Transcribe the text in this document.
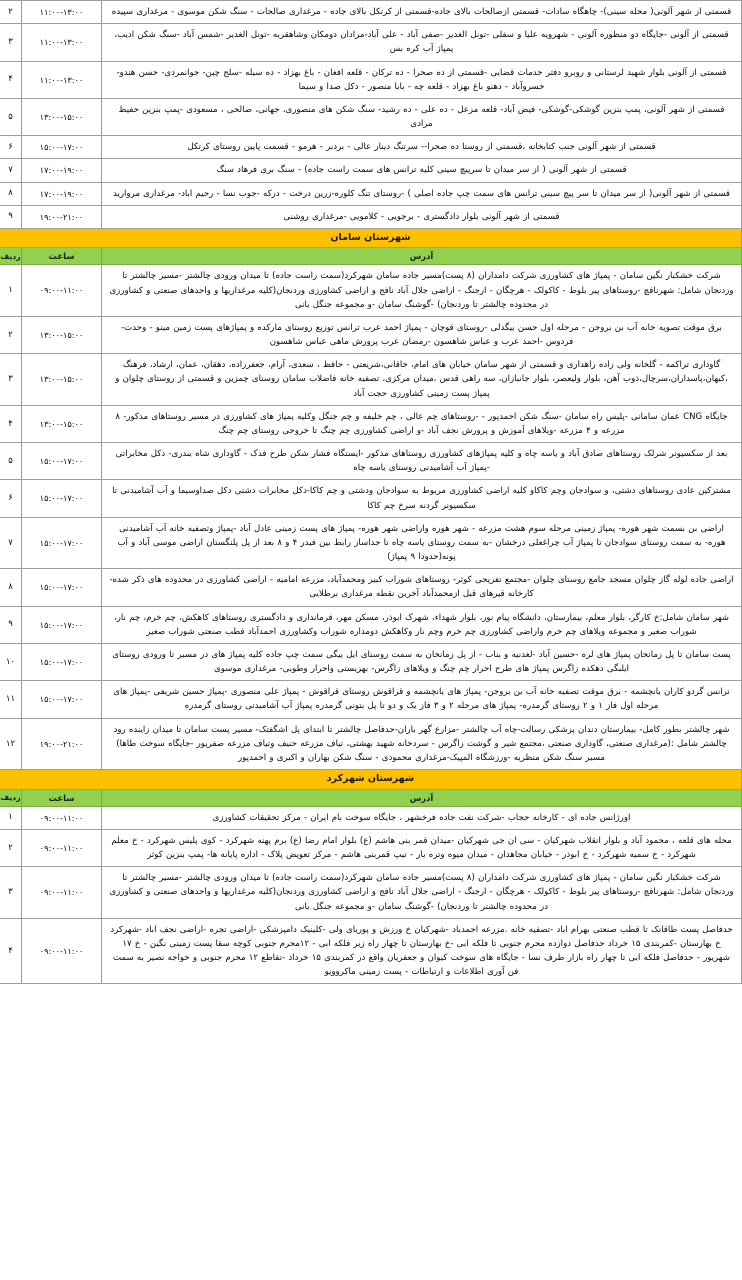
قسمتی از شهر آلونی( محله سینی)- چاهگاه سادات- قسمتی ازصالحات بالای جاده-قسمتی از کرتکل بالای جاده - مرغداری صالحات - سنگ شکن موسوی - مرغداری سپیده	۱۱:۰۰-۱۳:۰۰	۲
قسمتی از آلونی -جایگاه دو منظوره آلونی - شهرویه علیا و سفلی -تونل الغدیر -صفی آباد - علی آباد-مرادان دومکان وشاهقربه -تونل الغدیر -شمس آباد -سنگ شکن ادیب، پمپاژ آب کره بس	۱۱:۰۰-۱۳:۰۰	۳
قسمتی از آلونی بلوار شهید لرستانی و روبرو دفتر خدمات قضایی -قسمتی از ده صحرا - ده ترکان - قلعه افغان - باغ بهزاد - ده سیله -سلج چین- جوانمردی- حسن هندو- خسروآباد - دهنو باغ بهزاد - قلعه چه - بابا منصور - دکل صدا و سیما	۱۱:۰۰-۱۳:۰۰	۴
قسمتی از شهر آلونی، پمپ بنزین گوشکی-گوشکی- فیض آباد- قلعه مزعل - ده علی - ده رشید- سنگ شکن های منصوری، جهانی، صالحی ، مسعودی -پمپ بنزین حفیظ مرادی	۱۳:۰۰-۱۵:۰۰	۵
قسمتی از شهر آلونی جنب کتابخانه ،قسمتی از روستا ده صحرا-- سرتنگ دینار عالی - بردبر - هرمو - قسمت پایین روستای کرتکل	۱۵:۰۰-۱۷:۰۰	۶
قسمتی از شهر آلونی ( از سر میدان تا سرپیچ سینی کلیه ترانس های سمت راست جاده) - سنگ بری فرهاد سنگ	۱۷:۰۰-۱۹:۰۰	۷
قسمتی از شهر آلونی( از سر میدان تا سر پیچ سینی ترانس های سمت چپ جاده اصلی ) -روستای تنگ کلوره-زرین درخت - درکه -جوب نسا - رحیم اباد- مرغداری مروارید	۱۷:۰۰-۱۹:۰۰	۸
قسمتی از شهر آلونی بلوار دادگستری - برجویی - کلامویی -مرغداری روشنی	۱۹:۰۰-۲۱:۰۰	۹
شهرستان سامان		
آدرس	ساعت	ردیف
شرکت خشکبار نگین سامان - پمپاژ های کشاورزی شرکت دامداران (۸ پست)مسیر جاده سامان شهرکرد(سمت راست جاده) تا میدان ورودی چالشتر -مسیر چالشتر تا وردنجان شامل: شهرنافچ -روستاهای پیر بلوط - کاکولک - هرچگان - ارجنگ - اراضی جلال آباد نافج و اراضی کشاورزی وردنجان(کلیه مرغداریها و واحدهای صنعتی و کشاورزی در محدوده چالشتر تا وردنجان) -گوشنگ سامان -و مجموعه جنگل بانی	۰۹:۰۰-۱۱:۰۰	۱
برق موقت تصویه خانه آب بن بروجن - مرحله اول حسن بیگدلی -روستای قوچان - پمپاژ احمد عرب ترانس توزیع روستای مارکده و پمپاژهای پست زمین مینو - وحدت- فردوس -احمد عرب و عباس شاهسون -رمضان عرب پرورش ماهی عباس شاهسون	۱۳:۰۰-۱۵:۰۰	۲
گاوداری تراکمه - گلخانه ولی زاده راهداری و قسمتی از شهر سامان خیابان های امام، خاقانی،شریعتی - حافظ ، سعدی، آرام، جعفرزاده، دهقان، عمان، ارشاد، فرهنگ ،کیهان،پاسداران،سرچال،ذوب آهن، بلوار ولیعصر، بلوار جانبازان، سه راهی قدس ،میدان مرکزی، تصفیه خانه فاضلاب سامان روستای چمزین و قسمتی از روستای چلوان و پمپاژ پست زمینی کشاورزی حجت آباد	۱۳:۰۰-۱۵:۰۰	۳
جایگاه CNG عمان سامانی -پلیس راه سامان -سنگ شکن احمدپور - -روستاهای چم عالی ، چم خلیفه و چم جنگل وکلیه پمپاژ های کشاورزی در مسیر روستاهای مذکور- ۸ مزرعه و ۴ مزرعه -ویلاهای آموزش و پرورش نجف آباد -و اراضی کشاورزی چم چنگ تا خروجی روستای چم چنگ	۱۳:۰۰-۱۵:۰۰	۴
بعد از سکسیونر شرلک روستاهای صادق آباد و یاسه چاه و کلیه پمپاژهای کشاورزی روستاهای مذکور -ایستگاه فشار شکن طرح فدک - گاوداری شاه بندری- دکل مخابراتی -پمپاژ آب آشامیدنی روستای یاسه چاه	۱۵:۰۰-۱۷:۰۰	۵
مشترکین عادی روستاهای دشتی، و سوادجان وچم کاکاو کلیه اراضی کشاورزی مربوط به سوادجان ودشتی و چم کاکا-دکل مخابرات دشتی دکل صداوسیما و آب آشامیدنی تا سکسیونر گردنه سرخ چم کاکا	۱۵:۰۰-۱۷:۰۰	۶
اراضی بن بسمت شهر هوره- پمپاژ زمینی مرحله سوم هشت مزرعه - شهر هوره واراضی شهر هوره- پمپاژ های پست زمینی عادل آباد -پمپاژ وتصفیه خانه آب آشامیدنی هوره- به سمت روستای سوادجان تا پمپاژ آب چراغعلی درخشان -به سمت روستای یاسه چاه تا جداساز رابط بین فیدر ۴ و ۸ بعد از پل پلنگستان اراضی موسی آباد و آب پونه(حدودا ۹ پمپاژ)	۱۵:۰۰-۱۷:۰۰	۷
اراضی جاده لوله گاز چلوان مسجد جامع روستای چلوان -مجتمع تفریحی کوثر- روستاهای شوراب کبیر ومحمدآباد، مزرعه امامیه - اراضی کشاورزی در محدوده های ذکر شده-کارخانه قیرهای قبل ازمحمدآباد آخرین نقطه مرغداری برطلایی	۱۵:۰۰-۱۷:۰۰	۸
شهر سامان شامل:خ کارگر، بلوار معلم، بیمارستان، دانشگاه پیام نور، بلوار شهداء، شهرک ابوذر، مسکن مهر، فرمانداری و دادگستری روستاهای کاهکش، چم خرم، چم نار، شوراب صغیر و مجموعه ویلاهای چم خرم واراضی کشاورزی چم خرم وچم نار وکاهکش دومداره شوراب وکشاورزی احمدآباد قطب صنعتی شوراب صغیر	۱۵:۰۰-۱۷:۰۰	۹
پست سامان تا پل زمانخان پمپاژ های لره -حسین آباد -لغدنیه و بناب - از پل زمانخان به سمت روستای ایل بیگی سمت چپ جاده کلیه پمپاژ های در مسیر تا ورودی روستای ایلبگی دهکده زاگرس پمپاژ های طرح احرار چم چنگ و ویلاهای زاگرس- بهزیستی واحرار وطوبی- مرغداری موسوی	۱۵:۰۰-۱۷:۰۰	۱۰
ترانس گردو کاران یانچشمه - برق موقت تصفیه خانه آب بن بروجن- پمپاژ های یانچشمه و قراقوش روستای قراقوش - پمپاژ علی منصوری -پمپاژ حسین شریفی -پمپاژ های مرحله اول فاز ۱ و ۲ روستای گرمدره- پمپاژ های مرحله ۲ و ۳ فاز یک و دو تا پل بتونی گرمدره پمپاژ آب آشامیدنی روستای گرمدره	۱۵:۰۰-۱۷:۰۰	۱۱
شهر چالشتر بطور کامل- بیمارستان دندان پزشکی رسالت-چاه آب چالشتر -مزارع گهر باران-حدفاصل چالشتر تا ابتدای پل اشگفتک- مسیر پست سامان تا میدان زاینده رود چالشتر شامل :(مرغداری صنعتی، گاوداری صنعتی ،مجتمع شیر و گوشت زاگرس - سردخانه شهید بهشتی، تیاف مزرعه حنیف وتیاف مزرعه صفرپور -جایگاه سوخت طاها) مسیر سنگ شکن منظریه -ورزشگاه المپیک-مرغداری محمودی - سنگ شکن بهاران و اکبری و احمدپور	۱۹:۰۰-۲۱:۰۰	۱۲
شهرستان شهرکرد		
آدرس	ساعت	ردیف
اورژانس جاده ای - کارخانه حجاب -شرکت نفت جاده فرخشهر ، جایگاه سوخت بام ایران - مرکز تحقیقات کشاورزی	۰۹:۰۰-۱۱:۰۰	۱
محله های قلعه ، محمود آباد و بلوار انقلاب شهرکیان - سی ان جی شهرکیان -میدان قمر بنی هاشم (ع) بلوار امام رضا (ع) برم پهنه شهرکرد - کوی پلیس شهرکرد - خ معلم شهرکرد - خ سمیه شهرکرد - خ ابوذر - خیابان مجاهدان - میدان میوه وتره بار - تیپ قمربنی هاشم - مرکز تعویض پلاک - اداره پایانه ها- پمپ بنزین کوثر	۰۹:۰۰-۱۱:۰۰	۲
شرکت خشکبار نگین سامان - پمپاژ های کشاورزی شرکت دامداران (۸ پست)مسیر جاده سامان شهرکرد(سمت راست جاده) تا میدان ورودی چالشتر -مسیر چالشتر تا وردنجان شامل: شهرنافچ -روستاهای پیر بلوط - کاکولک - هرچگان - ارجنگ - اراضی جلال آباد نافج و اراضی کشاورزی وردنجان(کلیه مرغداریها و واحدهای صنعتی و کشاورزی در محدوده چالشتر تا وردنجان) -گوشنگ سامان -و مجموعه جنگل بانی	۰۹:۰۰-۱۱:۰۰	۳
حدفاصل پست طاقانک تا قطب صنعتی بهرام اباد -تصفیه خانه .مزرعه احمدباد -شهرکیان خ ورزش و پوریای ولی -کلینیک دامپزشکی -اراضی تجره -اراضی نجف اباد -شهرکرد خ بهارستان -کمربندی ۱۵ خرداد حدفاصل دوازده محرم جنوبی تا فلکه ابی -خ بهارستان تا چهار راه زیر فلکه ابی - ۱۲محرم جنوبی کوچه سقا پست زمینی نگین - خ ۱۷ شهریور - حدفاصل فلکه ابی تا چهار راه بازار طرف نسا - جایگاه های سوخت کیوان و جعفریان واقع در کمربندی ۱۵ خرداد -تقاطع ۱۲ محرم جنوبی و خواجه نصیر به سمت فن آوری اطلاعات و ارتباطات - پست زمینی ماکروویو	۰۹:۰۰-۱۱:۰۰	۴
